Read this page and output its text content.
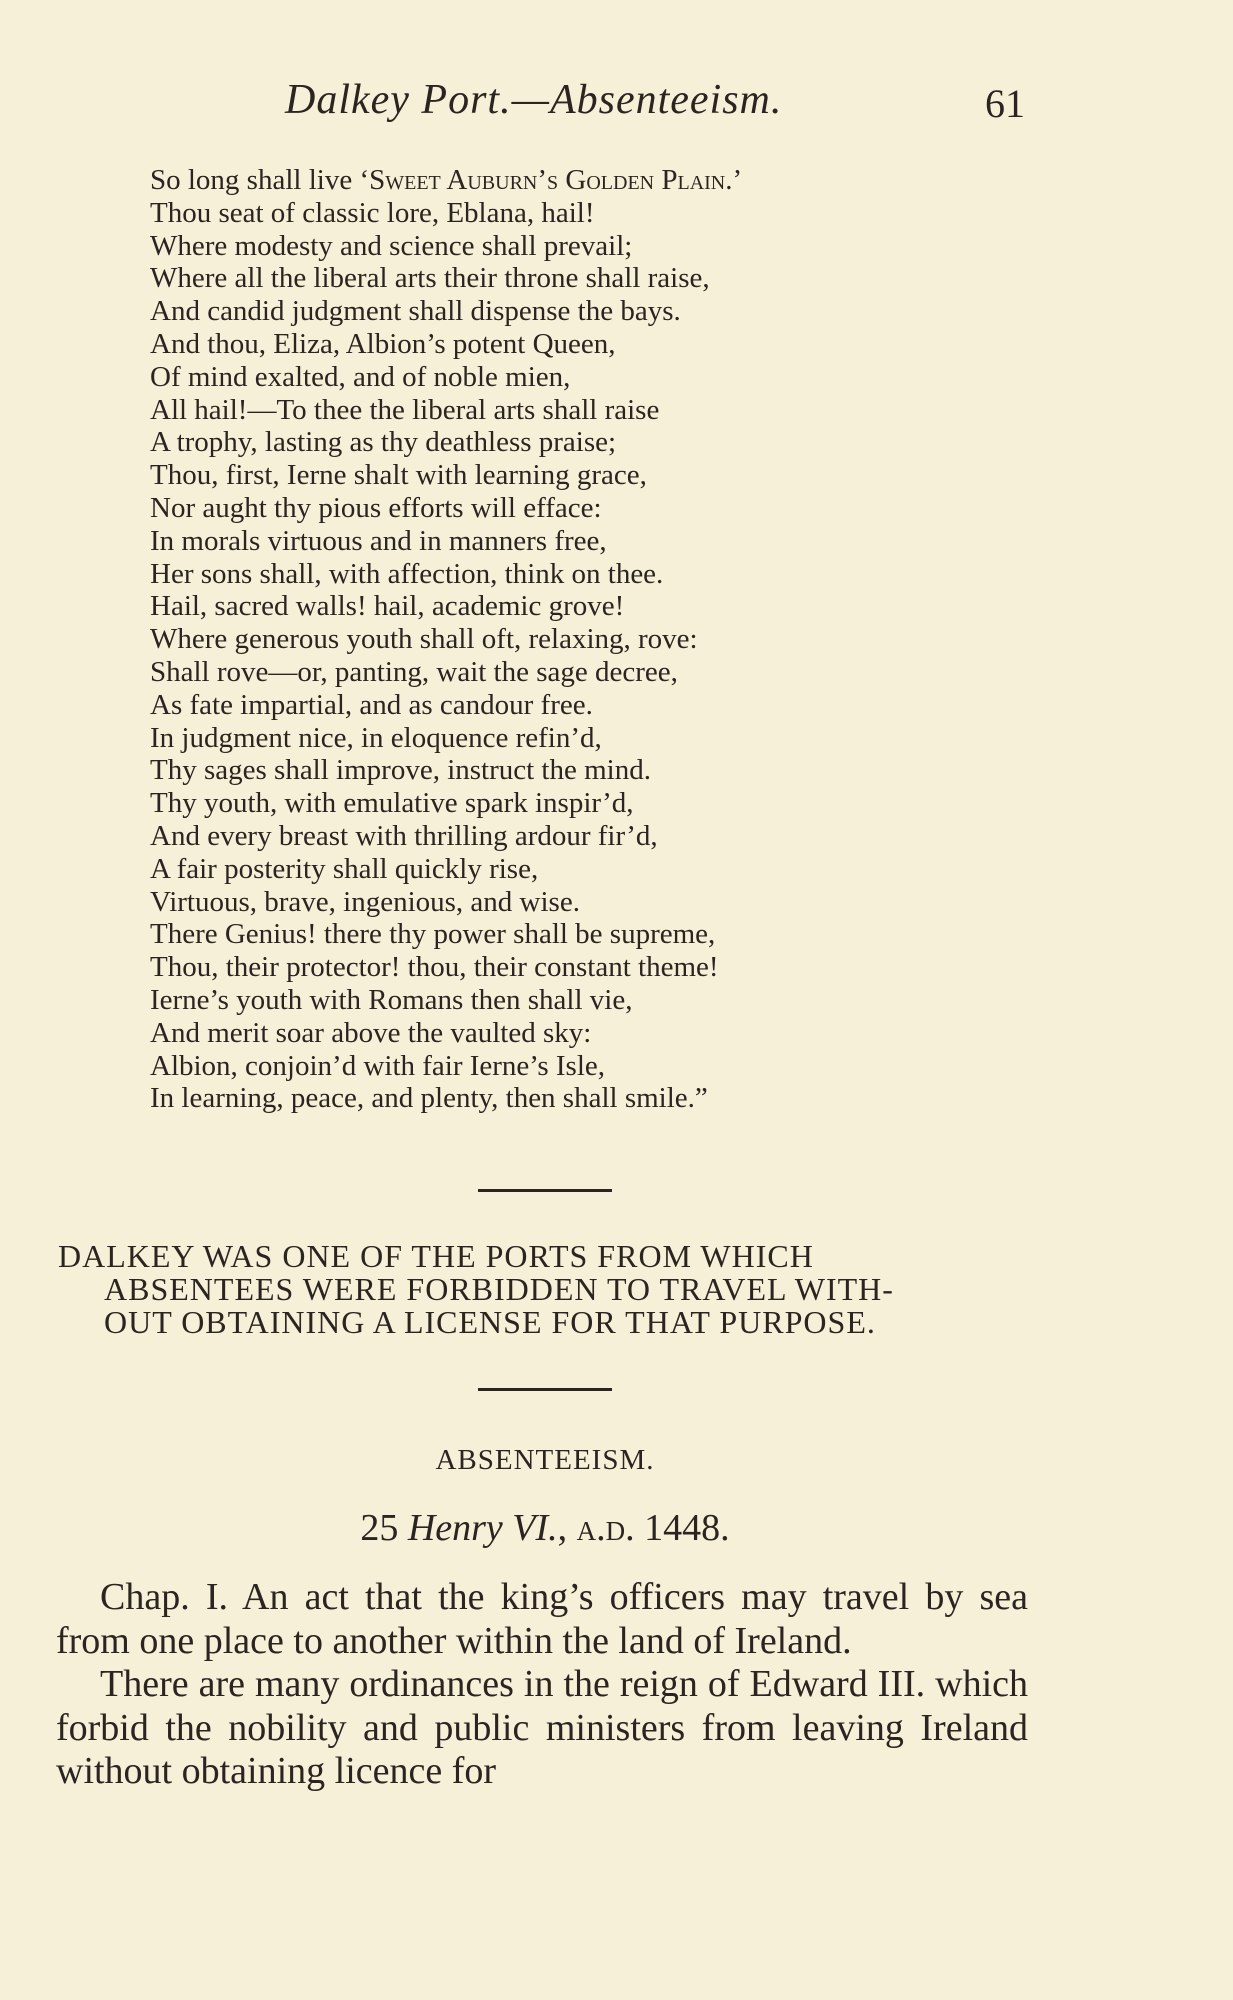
Dalkey Port.—Absenteeism.	61
So long shall live ‘Sweet Auburn’s Golden Plain.’
Thou seat of classic lore, Eblana, hail!
Where modesty and science shall prevail;
Where all the liberal arts their throne shall raise,
And candid judgment shall dispense the bays.
And thou, Eliza, Albion’s potent Queen,
Of mind exalted, and of noble mien,
All hail!—To thee the liberal arts shall raise
A trophy, lasting as thy deathless praise;
Thou, first, Ierne shalt with learning grace,
Nor aught thy pious efforts will efface:
In morals virtuous and in manners free,
Her sons shall, with affection, think on thee.
Hail, sacred walls! hail, academic grove!
Where generous youth shall oft, relaxing, rove:
Shall rove—or, panting, wait the sage decree,
As fate impartial, and as candour free.
In judgment nice, in eloquence refin’d,
Thy sages shall improve, instruct the mind.
Thy youth, with emulative spark inspir’d,
And every breast with thrilling ardour fir’d,
A fair posterity shall quickly rise,
Virtuous, brave, ingenious, and wise.
There Genius! there thy power shall be supreme,
Thou, their protector! thou, their constant theme!
Ierne’s youth with Romans then shall vie,
And merit soar above the vaulted sky:
Albion, conjoin’d with fair Ierne’s Isle,
In learning, peace, and plenty, then shall smile.”
DALKEY WAS ONE OF THE PORTS FROM WHICH
ABSENTEES WERE FORBIDDEN TO TRAVEL WITH-
OUT OBTAINING A LICENSE FOR THAT PURPOSE.
ABSENTEEISM.
25 Henry VI., a.d. 1448.

Chap. I. An act that the king’s officers may travel by sea from one place to another within the land of Ireland.

There are many ordinances in the reign of Edward III. which forbid the nobility and public ministers from leaving Ireland without obtaining licence for
